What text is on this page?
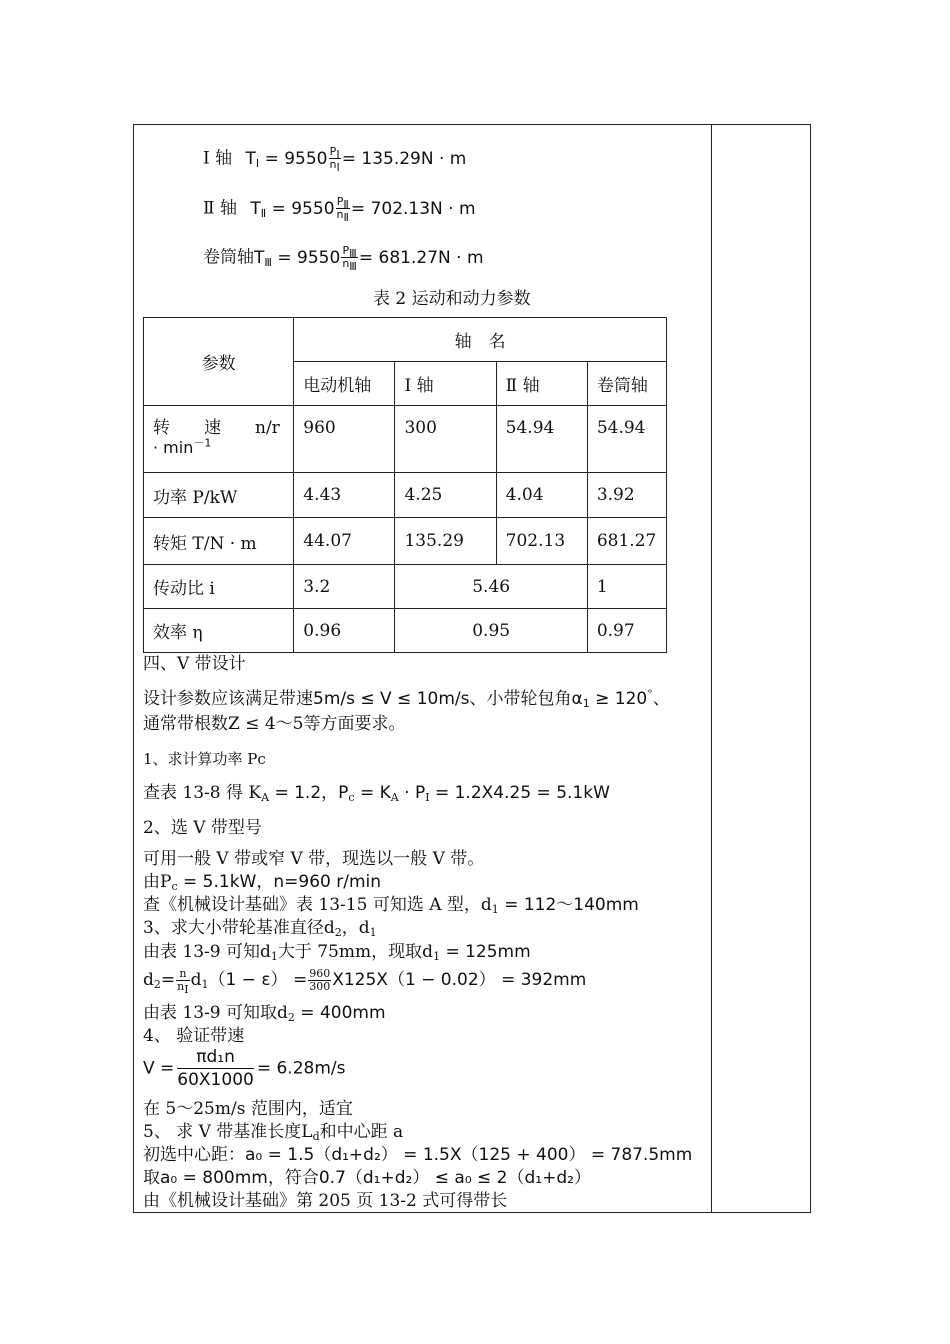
Ⅰ 轴 $T_Ⅰ = 9550 \frac{P_Ⅰ}{n_Ⅰ} = 135.29N \cdot m$
Ⅱ 轴 $T_Ⅱ = 9550 \frac{P_Ⅱ}{n_Ⅱ} = 702.13N \cdot m$
卷筒轴$T_Ⅲ = 9550 \frac{P_Ⅲ}{n_Ⅲ} = 681.27N \cdot m$
表 2 运动和动力参数
参数	轴　名			
	电动机轴	Ⅰ 轴	Ⅱ 轴	卷筒轴

转　　速　　n/r
· $\min^{-1}$	960	300	54.94	54.94
功率 P/kW	4.43	4.25	4.04	3.92
转矩 T/N · m	44.07	135.29	702.13	681.27
传动比 i	3.2	5.46		1
效率 η	0.96	0.95		0.97
四、V 带设计
设计参数应该满足带速5m/s ≤ V ≤ 10m/s、小带轮包角$\alpha_1 \ge 120^\circ$、
通常带根数Z ≤ 4～5等方面要求。
1、求计算功率 Pc
查表 13-8 得 $K_A = 1.2$，$P_c = K_A \cdot P_Ⅰ = 1.2X4.25 = 5.1kW$
2、选 V 带型号
可用一般 V 带或窄 V 带，现选以一般 V 带。
由$P_c = 5.1kW$，n=960 r/min
查《机械设计基础》表 13-15 可知选 A 型，$d_1$ = 112～140mm
3、求大小带轮基准直径$d_2$，$d_1$
由表 13-9 可知$d_1$大于 75mm，现取$d_1 = 125mm$
$d_2= \frac{n}{n_Ⅰ} d_1(1 - \varepsilon) = \frac{960}{300} X125X(1 - 0.02) = 392mm$
由表 13-9 可知取$d_2 = 400mm$
4、 验证带速
$V = \frac{\text{πd₁n}}{60X1000} = 6.28m/s$
在 5～25m/s 范围内，适宜
5、 求 V 带基准长度$L_d$和中心距 a
初选中心距：a₀ = 1.5（d₁+d₂） = 1.5X（125 + 400） = 787.5mm
取a₀ = 800mm，符合0.7（d₁+d₂） ≤ a₀ ≤ 2（d₁+d₂）
由《机械设计基础》第 205 页 13-2 式可得带长
